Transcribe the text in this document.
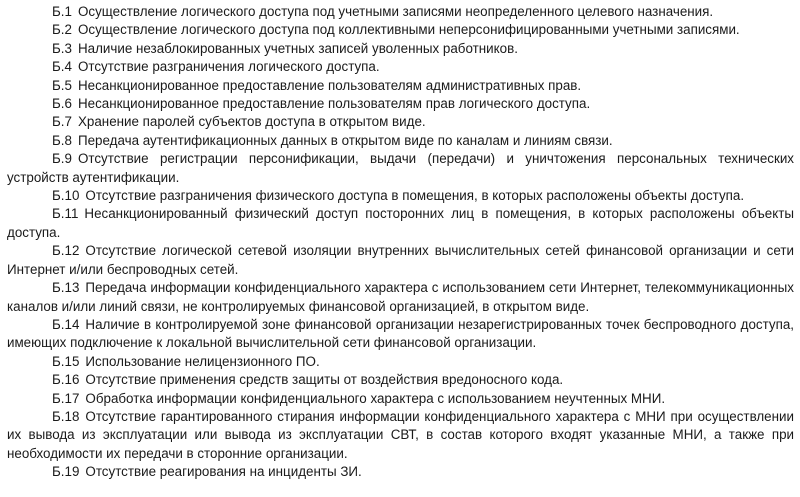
Б.1 Осуществление логического доступа под учетными записями неопределенного целевого назначения.

Б.2 Осуществление логического доступа под коллективными неперсонифицированными учетными записями.

Б.3 Наличие незаблокированных учетных записей уволенных работников.

Б.4 Отсутствие разграничения логического доступа.

Б.5 Несанкционированное предоставление пользователям административных прав.

Б.6 Несанкционированное предоставление пользователям прав логического доступа.

Б.7 Хранение паролей субъектов доступа в открытом виде.

Б.8 Передача аутентификационных данных в открытом виде по каналам и линиям связи.

Б.9 Отсутствие регистрации персонификации, выдачи (передачи) и уничтожения персональных технических устройств аутентификации.

Б.10 Отсутствие разграничения физического доступа в помещения, в которых расположены объекты доступа.

Б.11 Несанкционированный физический доступ посторонних лиц в помещения, в которых расположены объекты доступа.

Б.12 Отсутствие логической сетевой изоляции внутренних вычислительных сетей финансовой организации и сети Интернет и/или беспроводных сетей.

Б.13 Передача информации конфиденциального характера с использованием сети Интернет, телекоммуникационных каналов и/или линий связи, не контролируемых финансовой организацией, в открытом виде.

Б.14 Наличие в контролируемой зоне финансовой организации незарегистрированных точек беспроводного доступа, имеющих подключение к локальной вычислительной сети финансовой организации.

Б.15 Использование нелицензионного ПО.

Б.16 Отсутствие применения средств защиты от воздействия вредоносного кода.

Б.17 Обработка информации конфиденциального характера с использованием неучтенных МНИ.

Б.18 Отсутствие гарантированного стирания информации конфиденциального характера с МНИ при осуществлении их вывода из эксплуатации или вывода из эксплуатации СВТ, в состав которого входят указанные МНИ, а также при необходимости их передачи в сторонние организации.

Б.19 Отсутствие реагирования на инциденты ЗИ.
